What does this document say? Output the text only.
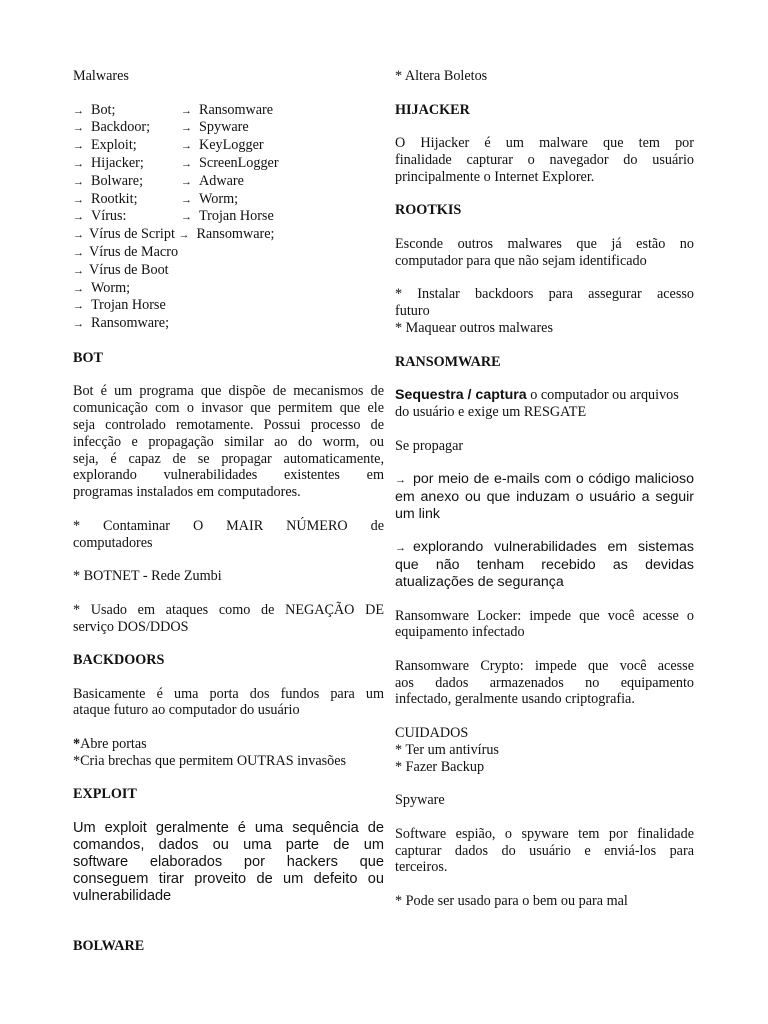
Malwares

→ Bot;	→ Ransomware
→ Backdoor;	→ Spyware
→ Exploit;	→ KeyLogger
→ Hijacker;	→ ScreenLogger
→ Bolware;	→ Adware
→ Rootkit;	→ Worm;
→ Vírus:	→ Trojan Horse
→ Vírus de Script → Ransomware;
→ Vírus de Macro
→ Vírus de Boot
→ Worm;
→ Trojan Horse
→ Ransomware;

BOT

Bot é um programa que dispõe de mecanismos de

comunicação com o invasor que permitem que ele

seja controlado remotamente. Possui processo de

infecção e propagação similar ao do worm, ou

seja, é capaz de se propagar automaticamente,

explorando vulnerabilidades existentes em

programas instalados em computadores.

* Contaminar O MAIR NÚMERO de

computadores

* BOTNET - Rede Zumbi

* Usado em ataques como de NEGAÇÃO DE

serviço DOS/DDOS

BACKDOORS

Basicamente é uma porta dos fundos para um

ataque futuro ao computador do usuário

*Abre portas

*Cria brechas que permitem OUTRAS invasões

EXPLOIT

Um exploit geralmente é uma sequência de

comandos, dados ou uma parte de um

software elaborados por hackers que

conseguem tirar proveito de um defeito ou

vulnerabilidade

BOLWARE

* Altera Boletos

HIJACKER

O Hijacker é um malware que tem por

finalidade capturar o navegador do usuário

principalmente o Internet Explorer.

ROOTKIS

Esconde outros malwares que já estão no

computador para que não sejam identificado

* Instalar backdoors para assegurar acesso

futuro

* Maquear outros malwares

RANSOMWARE

Sequestra / captura o computador ou arquivos

do usuário e exige um RESGATE

Se propagar

→ por meio de e-mails com o código malicioso

em anexo ou que induzam o usuário a seguir

um link

→ explorando vulnerabilidades em sistemas

que não tenham recebido as devidas

atualizações de segurança

Ransomware Locker: impede que você acesse o

equipamento infectado

Ransomware Crypto: impede que você acesse

aos dados armazenados no equipamento

infectado, geralmente usando criptografia.

CUIDADOS

* Ter um antivírus

* Fazer Backup

Spyware

Software espião, o spyware tem por finalidade

capturar dados do usuário e enviá-los para

terceiros.

* Pode ser usado para o bem ou para mal
